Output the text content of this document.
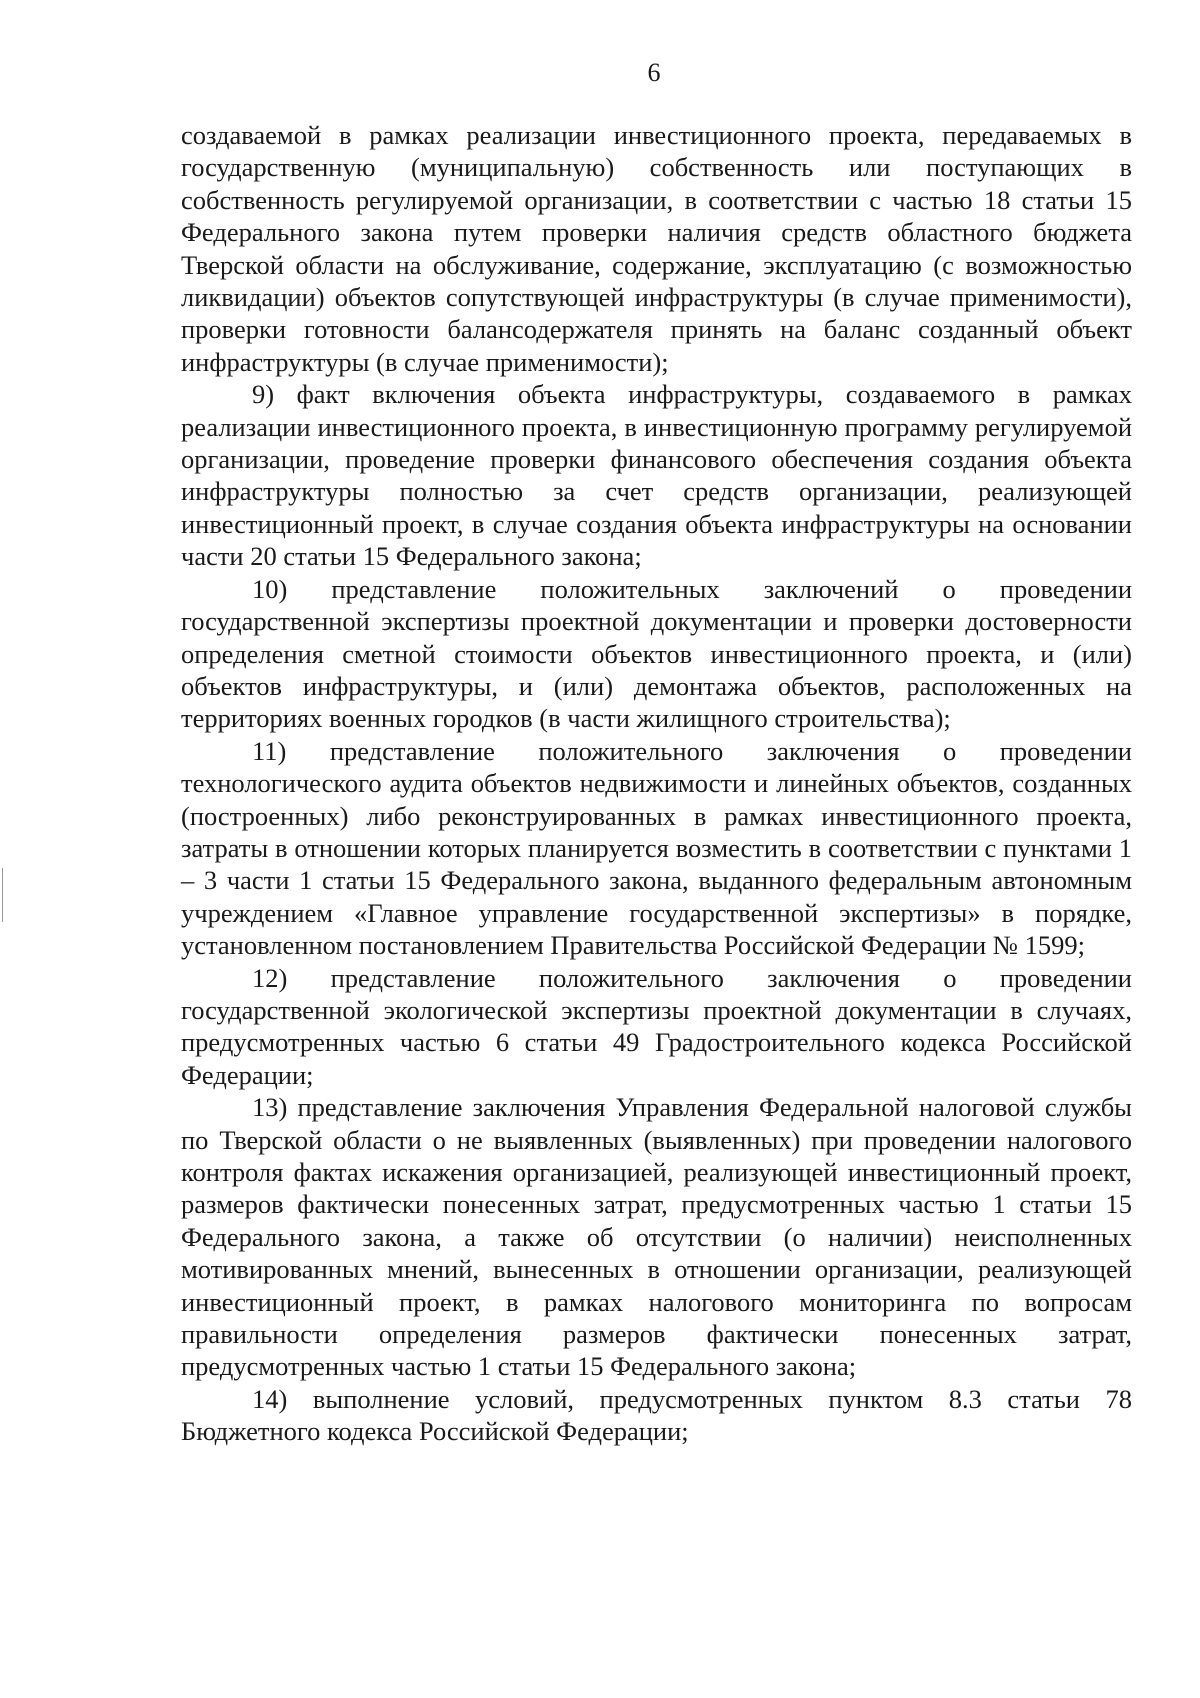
6

создаваемой в рамках реализации инвестиционного проекта, передаваемых в государственную (муниципальную) собственность или поступающих в собственность регулируемой организации, в соответствии с частью 18 статьи 15 Федерального закона путем проверки наличия средств областного бюджета Тверской области на обслуживание, содержание, эксплуатацию (с возможностью ликвидации) объектов сопутствующей инфраструктуры (в случае применимости), проверки готовности балансодержателя принять на баланс созданный объект инфраструктуры (в случае применимости);

9) факт включения объекта инфраструктуры, создаваемого в рамках реализации инвестиционного проекта, в инвестиционную программу регулируемой организации, проведение проверки финансового обеспечения создания объекта инфраструктуры полностью за счет средств организации, реализующей инвестиционный проект, в случае создания объекта инфраструктуры на основании части 20 статьи 15 Федерального закона;

10) представление положительных заключений о проведении государственной экспертизы проектной документации и проверки достоверности определения сметной стоимости объектов инвестиционного проекта, и (или) объектов инфраструктуры, и (или) демонтажа объектов, расположенных на территориях военных городков (в части жилищного строительства);

11) представление положительного заключения о проведении технологического аудита объектов недвижимости и линейных объектов, созданных (построенных) либо реконструированных в рамках инвестиционного проекта, затраты в отношении которых планируется возместить в соответствии с пунктами 1 – 3 части 1 статьи 15 Федерального закона, выданного федеральным автономным учреждением «Главное управление государственной экспертизы» в порядке, установленном постановлением Правительства Российской Федерации № 1599;

12) представление положительного заключения о проведении государственной экологической экспертизы проектной документации в случаях, предусмотренных частью 6 статьи 49 Градостроительного кодекса Российской Федерации;

13) представление заключения Управления Федеральной налоговой службы по Тверской области о не выявленных (выявленных) при проведении налогового контроля фактах искажения организацией, реализующей инвестиционный проект, размеров фактически понесенных затрат, предусмотренных частью 1 статьи 15 Федерального закона, а также об отсутствии (о наличии) неисполненных мотивированных мнений, вынесенных в отношении организации, реализующей инвестиционный проект, в рамках налогового мониторинга по вопросам правильности определения размеров фактически понесенных затрат, предусмотренных частью 1 статьи 15 Федерального закона;

14) выполнение условий, предусмотренных пунктом 8.3 статьи 78 Бюджетного кодекса Российской Федерации;
